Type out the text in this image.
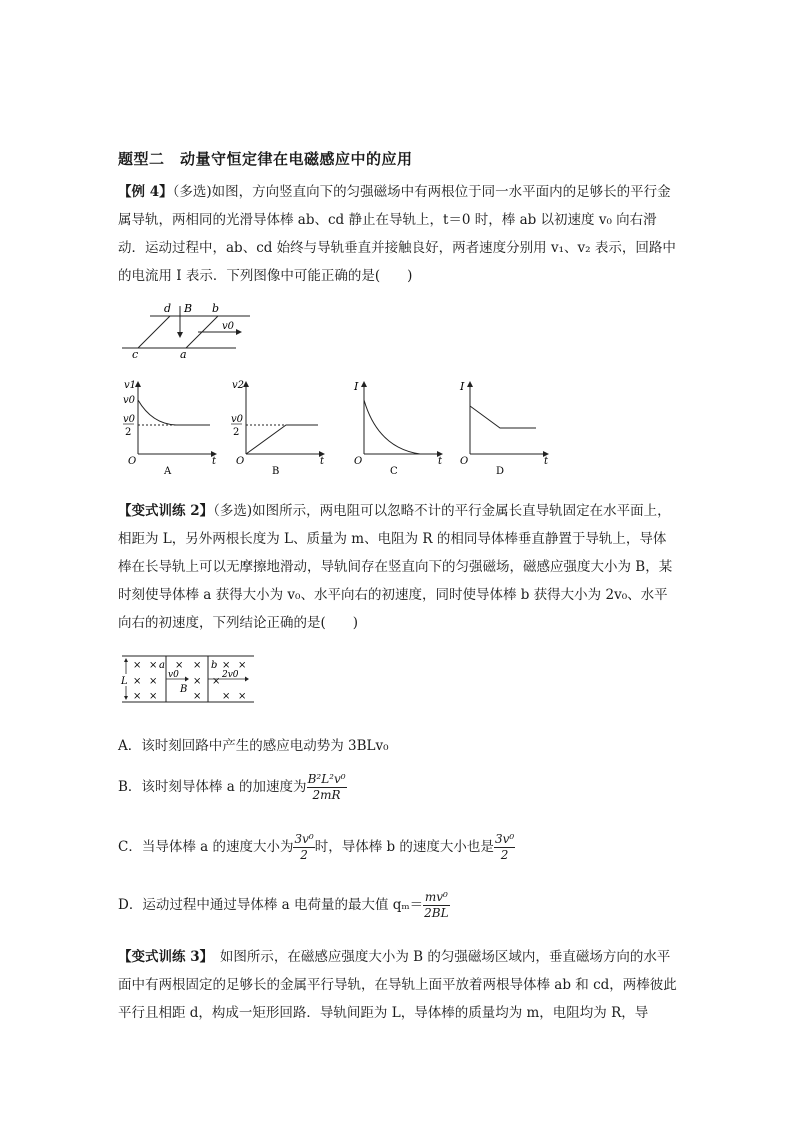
题型二　动量守恒定律在电磁感应中的应用

【例 4】（多选)如图，方向竖直向下的匀强磁场中有两根位于同一水平面内的足够长的平行金属导轨，两相同的光滑导体棒 ab、cd 静止在导轨上，t＝0 时，棒 ab 以初速度 v₀ 向右滑动．运动过程中，ab、cd 始终与导轨垂直并接触良好，两者速度分别用 v₁、v₂ 表示，回路中的电流用 I 表示．下列图像中可能正确的是(　　)

d B b
c	a
v0
v1
v0
v0
2
O	t
A
v2
v0
2
O	t
B
I
O	t
C
I
O	t
D

【变式训练 2】（多选)如图所示，两电阻可以忽略不计的平行金属长直导轨固定在水平面上，相距为 L，另外两根长度为 L、质量为 m、电阻为 R 的相同导体棒垂直静置于导轨上，导体棒在长导轨上可以无摩擦地滑动，导轨间存在竖直向下的匀强磁场，磁感应强度大小为 B，某时刻使导体棒 a 获得大小为 v₀、水平向右的初速度，同时使导体棒 b 获得大小为 2v₀、水平向右的初速度，下列结论正确的是(　　)

L
× × × × × ×
× ×	× ×
× ×	× × ×
a	b
v0	2v0
B
A．该时刻回路中产生的感应电动势为 3BLv₀
B．该时刻导体棒 a 的加速度为 $\frac{\text{B²L²v⁰}}{2mR}$
C．当导体棒 a 的速度大小为 $\frac{\text{3v⁰}}{2}$ 时，导体棒 b 的速度大小也是 $\frac{\text{3v⁰}}{2}$
D．运动过程中通过导体棒 a 电荷量的最大值 $q_m= \frac{\text{mv⁰}}{2BL}$

【变式训练 3】　如图所示，在磁感应强度大小为 B 的匀强磁场区域内，垂直磁场方向的水平面中有两根固定的足够长的金属平行导轨，在导轨上面平放着两根导体棒 ab 和 cd，两棒彼此平行且相距 d，构成一矩形回路．导轨间距为 L，导体棒的质量均为 m，电阻均为 R，导
